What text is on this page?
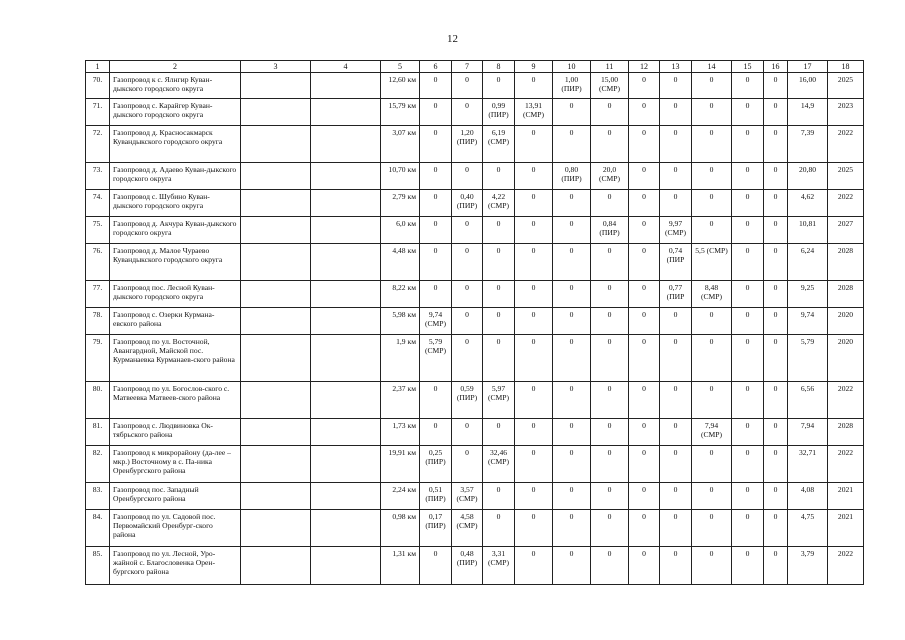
12
1	2	3	4	5	6	7	8	9	10	11	12	13	14	15	16	17	18
70.	Газопровод к с. Ялнгир Куван-дыкского городского округа			12,60 км	0	0	0	0	1,00 (ПИР)	15,00 (СМР)	0	0	0	0	0	16,00	2025
71.	Газопровод с. Карайгер Куван-дыкского городского округа			15,79 км	0	0	0,99 (ПИР)	13,91 (СМР)	0	0	0	0	0	0	0	14,9	2023
72.	Газопровод д. Красносакмарск Кувандыкского городского округа			3,07 км	0	1,20 (ПИР)	6,19 (СМР)	0	0	0	0	0	0	0	0	7,39	2022
73.	Газопровод д. Адаево Куван-дыкского городского округа			10,70 км	0	0	0	0	0,80 (ПИР)	20,0 (СМР)	0	0	0	0	0	20,80	2025
74.	Газопровод с. Шубино Куван-дыкского городского округа			2,79 км	0	0,40 (ПИР)	4,22 (СМР)	0	0	0	0	0	0	0	0	4,62	2022
75.	Газопровод д. Акчура Куван-дыкского городского округа			6,0 км	0	0	0	0	0	0,84 (ПИР)	0	9,97 (СМР)	0	0	0	10,81	2027
76.	Газопровод д. Малое Чураево Кувандыкского городского округа			4,48 км	0	0	0	0	0	0	0	0,74 (ПИР	5,5 (СМР)	0	0	6,24	2028
77.	Газопровод пос. Лесной Куван-дыкского городского округа			8,22 км	0	0	0	0	0	0	0	0,77 (ПИР	8,48 (СМР)	0	0	9,25	2028
78.	Газопровод с. Озерки Курмана-евского района			5,98 км	9,74 (СМР)	0	0	0	0	0	0	0	0	0	0	9,74	2020
79.	Газопровод по ул. Восточной, Авангардной, Майской пос. Курманаевка Курманаев-ского района			1,9 км	5,79 (СМР)	0	0	0	0	0	0	0	0	0	0	5,79	2020
80.	Газопровод по ул. Богослов-ского с. Матвеевка Матвеев-ского района			2,37 км	0	0,59 (ПИР)	5,97 (СМР)	0	0	0	0	0	0	0	0	6,56	2022
81.	Газопровод с. Людвиновка Ок-тябрьского района			1,73 км	0	0	0	0	0	0	0	0	7,94 (СМР)	0	0	7,94	2028
82.	Газопровод к микрорайону (да-лее – мкр.) Восточному в с. Па-ника Оренбургского района			19,91 км	0,25 (ПИР)	0	32,46 (СМР)	0	0	0	0	0	0	0	0	32,71	2022
83.	Газопровод пос. Западный Оренбургского района			2,24 км	0,51 (ПИР)	3,57 (СМР)	0	0	0	0	0	0	0	0	0	4,08	2021
84.	Газопровод по ул. Садовой пос. Первомайский Оренбург-ского района			0,98 км	0,17 (ПИР)	4,58 (СМР)	0	0	0	0	0	0	0	0	0	4,75	2021
85.	Газопровод по ул. Лесной, Уро-жайной с. Благословенка Орен-бургского района			1,31 км	0	0,48 (ПИР)	3,31 (СМР)	0	0	0	0	0	0	0	0	3,79	2022
